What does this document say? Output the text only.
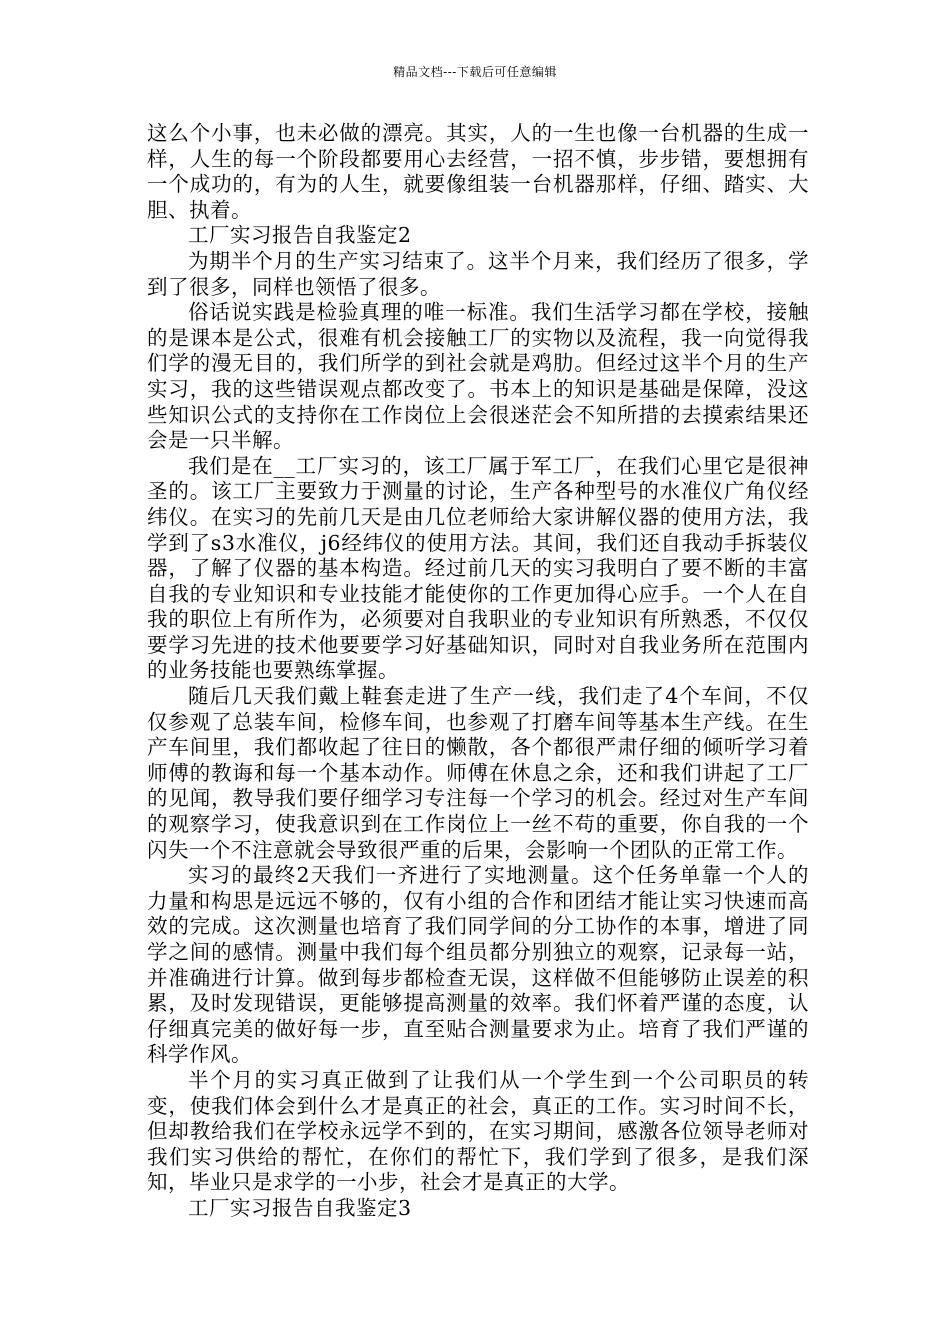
精品文档---下载后可任意编辑

这么个小事，也未必做的漂亮。其实，人的一生也像一台机器的生成一样，人生的每一个阶段都要用心去经营，一招不慎，步步错，要想拥有一个成功的，有为的人生，就要像组装一台机器那样，仔细、踏实、大胆、执着。

工厂实习报告自我鉴定2

为期半个月的生产实习结束了。这半个月来，我们经历了很多，学到了很多，同样也领悟了很多。

俗话说实践是检验真理的唯一标准。我们生活学习都在学校，接触的是课本是公式，很难有机会接触工厂的实物以及流程，我一向觉得我们学的漫无目的，我们所学的到社会就是鸡肋。但经过这半个月的生产实习，我的这些错误观点都改变了。书本上的知识是基础是保障，没这些知识公式的支持你在工作岗位上会很迷茫会不知所措的去摸索结果还会是一只半解。

我们是在__工厂实习的，该工厂属于军工厂，在我们心里它是很神圣的。该工厂主要致力于测量的讨论，生产各种型号的水准仪广角仪经纬仪。在实习的先前几天是由几位老师给大家讲解仪器的使用方法，我学到了s3水准仪，j6经纬仪的使用方法。其间，我们还自我动手拆装仪器，了解了仪器的基本构造。经过前几天的实习我明白了要不断的丰富自我的专业知识和专业技能才能使你的工作更加得心应手。一个人在自我的职位上有所作为，必须要对自我职业的专业知识有所熟悉，不仅仅要学习先进的技术他要要学习好基础知识，同时对自我业务所在范围内的业务技能也要熟练掌握。

随后几天我们戴上鞋套走进了生产一线，我们走了4个车间，不仅仅参观了总装车间，检修车间，也参观了打磨车间等基本生产线。在生产车间里，我们都收起了往日的懒散，各个都很严肃仔细的倾听学习着师傅的教诲和每一个基本动作。师傅在休息之余，还和我们讲起了工厂的见闻，教导我们要仔细学习专注每一个学习的机会。经过对生产车间的观察学习，使我意识到在工作岗位上一丝不苟的重要，你自我的一个闪失一个不注意就会导致很严重的后果，会影响一个团队的正常工作。

实习的最终2天我们一齐进行了实地测量。这个任务单靠一个人的力量和构思是远远不够的，仅有小组的合作和团结才能让实习快速而高效的完成。这次测量也培育了我们同学间的分工协作的本事，增进了同学之间的感情。测量中我们每个组员都分别独立的观察，记录每一站，并准确进行计算。做到每步都检查无误，这样做不但能够防止误差的积累，及时发现错误，更能够提高测量的效率。我们怀着严谨的态度，认仔细真完美的做好每一步，直至贴合测量要求为止。培育了我们严谨的科学作风。

半个月的实习真正做到了让我们从一个学生到一个公司职员的转变，使我们体会到什么才是真正的社会，真正的工作。实习时间不长，但却教给我们在学校永远学不到的，在实习期间，感激各位领导老师对我们实习供给的帮忙，在你们的帮忙下，我们学到了很多，是我们深知，毕业只是求学的一小步，社会才是真正的大学。

工厂实习报告自我鉴定3
